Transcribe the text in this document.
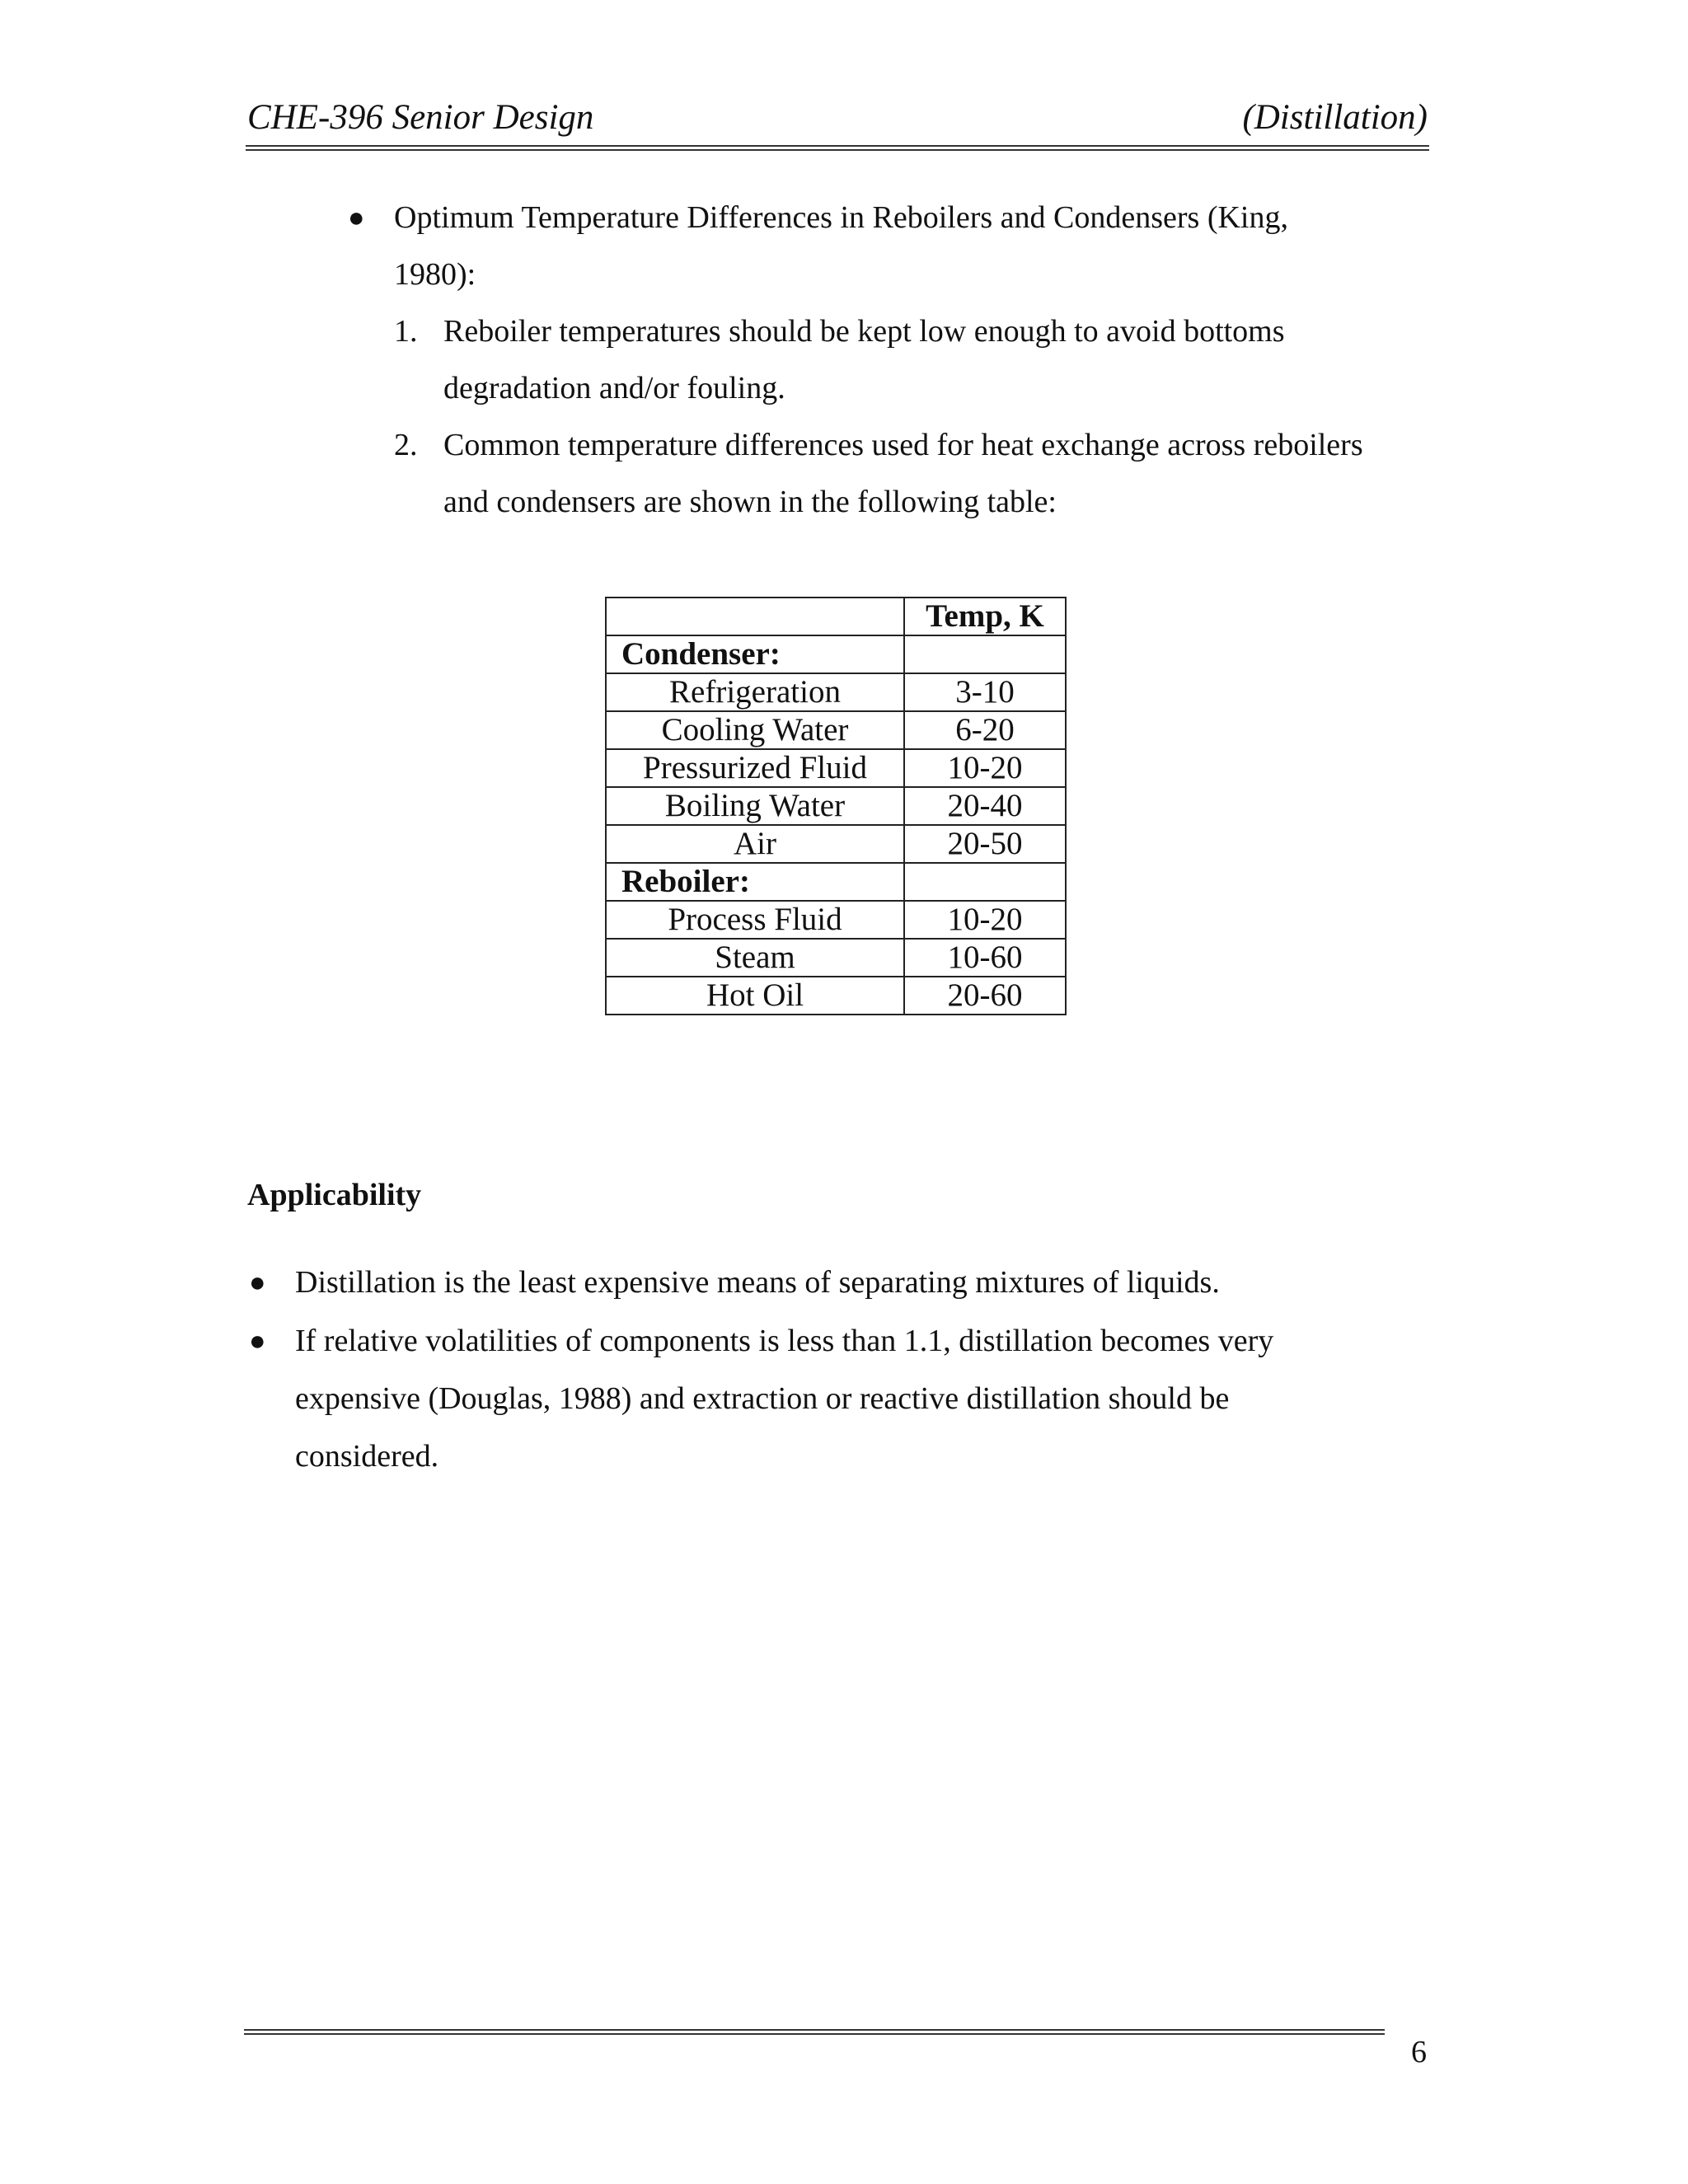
CHE-396 Senior Design	(Distillation)
● Optimum Temperature Differences in Reboilers and Condensers (King,

1980):

1. Reboiler temperatures should be kept low enough to avoid bottoms

degradation and/or fouling.

2. Common temperature differences used for heat exchange across reboilers

and condensers are shown in the following table:

	Temp, K
Condenser:	
Refrigeration	3-10
Cooling Water	6-20
Pressurized Fluid	10-20
Boiling Water	20-40
Air	20-50
Reboiler:	
Process Fluid	10-20
Steam	10-60
Hot Oil	20-60
Applicability
● Distillation is the least expensive means of separating mixtures of liquids.

● If relative volatilities of components is less than 1.1, distillation becomes very

expensive (Douglas, 1988) and extraction or reactive distillation should be

considered.

6
